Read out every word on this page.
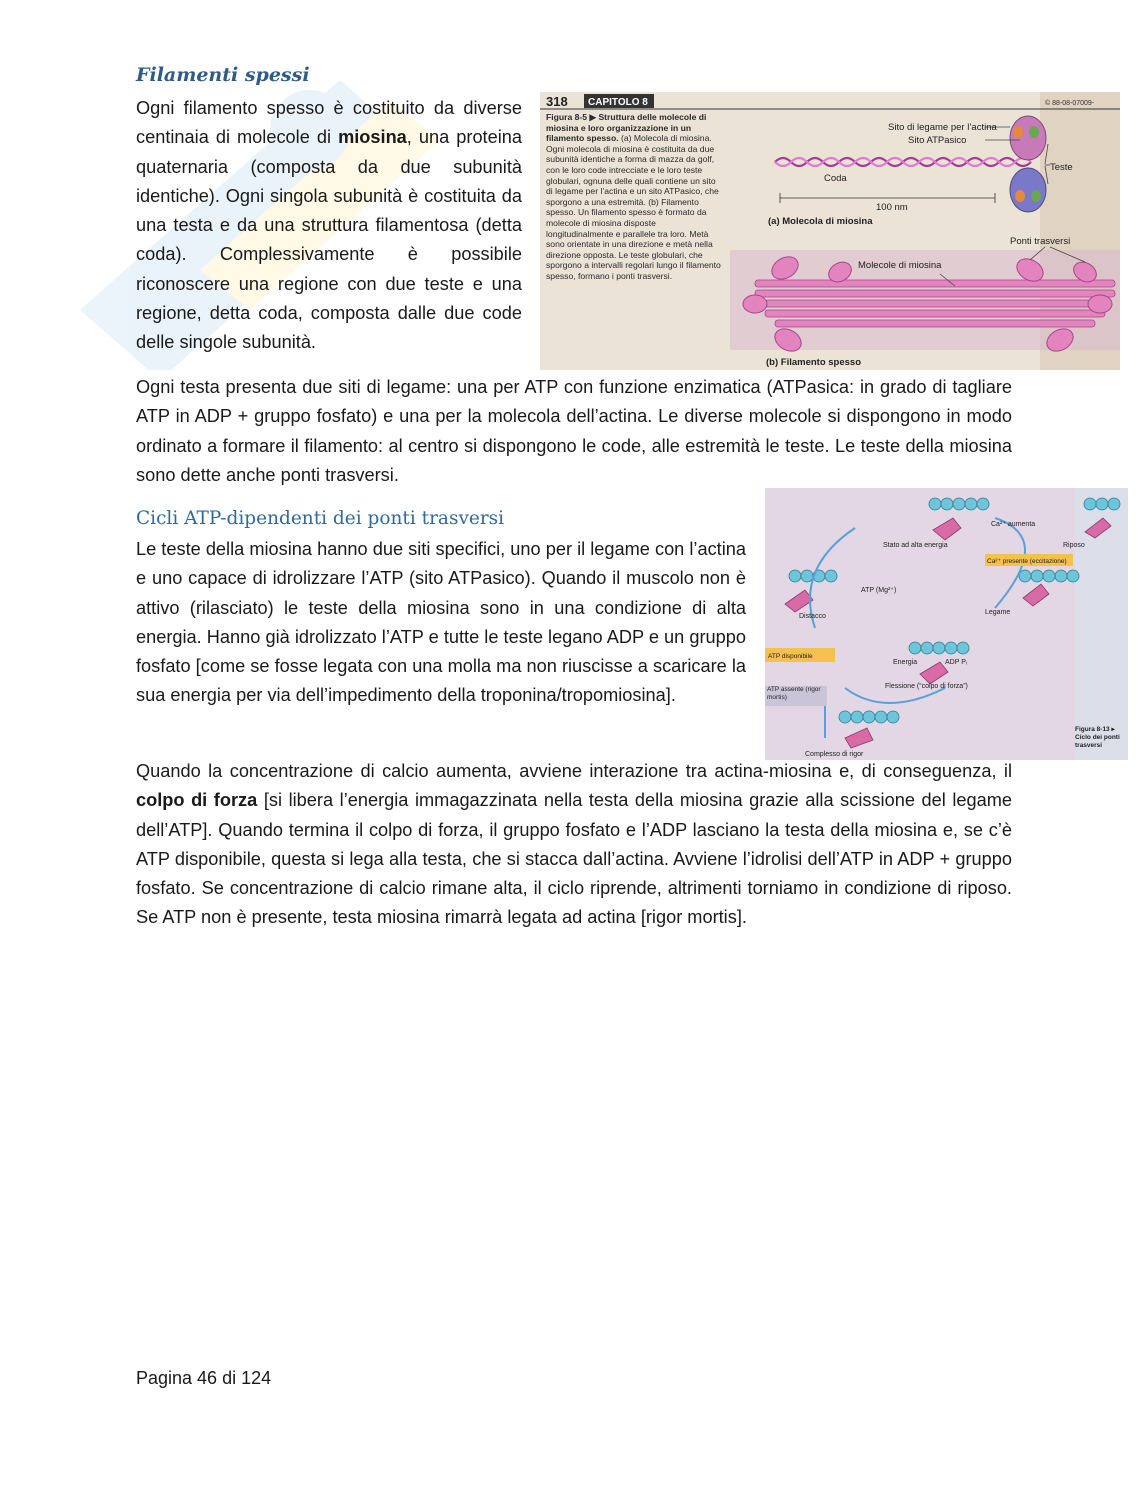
Filamenti spessi
Ogni filamento spesso è costituito da diverse centinaia di molecole di miosina, una proteina quaternaria (composta da due subunità identiche). Ogni singola subunità è costituita da una testa e da una struttura filamentosa (detta coda). Complessivamente è possibile riconoscere una regione con due teste e una regione, detta coda, composta dalle due code delle singole subunità.
318 CAPITOLO 8	© 88-08-07009-
Figura 8-5 ▶ Struttura delle molecole di miosina e loro organizzazione in un filamento spesso. (a) Molecola di miosina. Ogni molecola di miosina è costituita da due subunità identiche a forma di mazza da golf, con le loro code intrecciate e le loro teste globulari, ognuna delle quali contiene un sito di legame per l’actina e un sito ATPasico, che sporgono a una estremità. (b) Filamento spesso. Un filamento spesso è formato da molecole di miosina disposte longitudinalmente e parallele tra loro. Metà sono orientate in una direzione e metà nella direzione opposta. Le teste globulari, che sporgono a intervalli regolari lungo il filamento spesso, formano i ponti trasversi.
Sito di legame per l’actina
Sito ATPasico
Teste
Coda
100 nm
(a) Molecola di miosina
Ponti trasversi
Molecole di miosina
(b) Filamento spesso
Ogni testa presenta due siti di legame: una per ATP con funzione enzimatica (ATPasica: in grado di tagliare ATP in ADP + gruppo fosfato) e una per la molecola dell’actina. Le diverse molecole si dispongono in modo ordinato a formare il filamento: al centro si dispongono le code, alle estremità le teste. Le teste della miosina sono dette anche ponti trasversi.
Cicli ATP-dipendenti dei ponti trasversi
Le teste della miosina hanno due siti specifici, uno per il legame con l’actina e uno capace di idrolizzare l’ATP (sito ATPasico). Quando il muscolo non è attivo (rilasciato) le teste della miosina sono in una condizione di alta energia. Hanno già idrolizzato l’ATP e tutte le teste legano ADP e un gruppo fosfato [come se fosse legata con una molla ma non riuscisse a scaricare la sua energia per via dell’impedimento della troponina/tropomiosina].
Stato ad alta energia
Ca²⁺ aumenta
Ca²⁺ presente (eccitazione)
Riposo
Legame
Distacco
ATP disponibile
Flessione (“colpo di forza”)
ATP assente (rigor mortis)
Complesso di rigor
Energia	ADP Pᵢ
ATP (Mg²⁺)
Figura 8-13 ▸ Ciclo dei ponti trasversi
Quando la concentrazione di calcio aumenta, avviene interazione tra actina-miosina e, di conseguenza, il colpo di forza [si libera l’energia immagazzinata nella testa della miosina grazie alla scissione del legame dell’ATP]. Quando termina il colpo di forza, il gruppo fosfato e l’ADP lasciano la testa della miosina e, se c’è ATP disponibile, questa si lega alla testa, che si stacca dall’actina. Avviene l’idrolisi dell’ATP in ADP + gruppo fosfato. Se concentrazione di calcio rimane alta, il ciclo riprende, altrimenti torniamo in condizione di riposo. Se ATP non è presente, testa miosina rimarrà legata ad actina [rigor mortis].
Pagina 46 di 124
